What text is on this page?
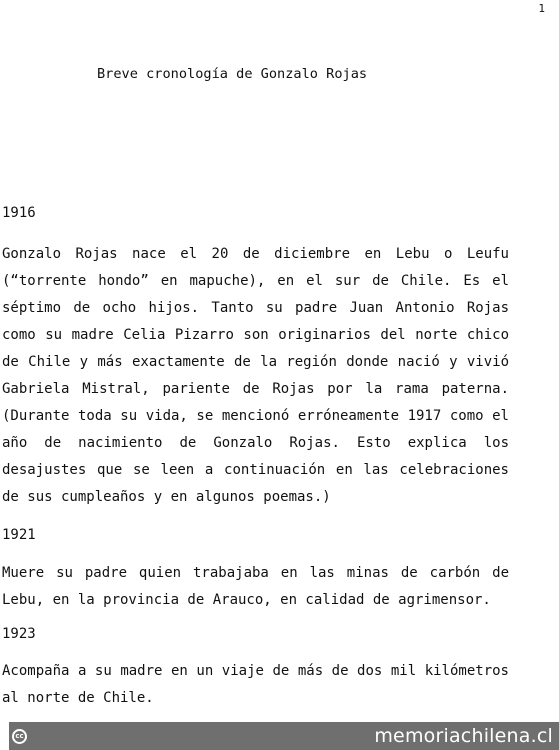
1
Breve cronología de Gonzalo Rojas

1916

Gonzalo Rojas nace el 20 de diciembre en Lebu o Leufu (“torrente hondo” en mapuche), en el sur de Chile. Es el séptimo de ocho hijos. Tanto su padre Juan Antonio Rojas como su madre Celia Pizarro son originarios del norte chico de Chile y más exactamente de la región donde nació y vivió Gabriela Mistral, pariente de Rojas por la rama paterna. (Durante toda su vida, se mencionó erróneamente 1917 como el año de nacimiento de Gonzalo Rojas. Esto explica los desajustes que se leen a continuación en las celebraciones de sus cumpleaños y en algunos poemas.)

1921

Muere su padre quien trabajaba en las minas de carbón de Lebu, en la provincia de Arauco, en calidad de agrimensor.

1923

Acompaña a su madre en un viaje de más de dos mil kilómetros al norte de Chile.

cc	memoriachilena.cl
